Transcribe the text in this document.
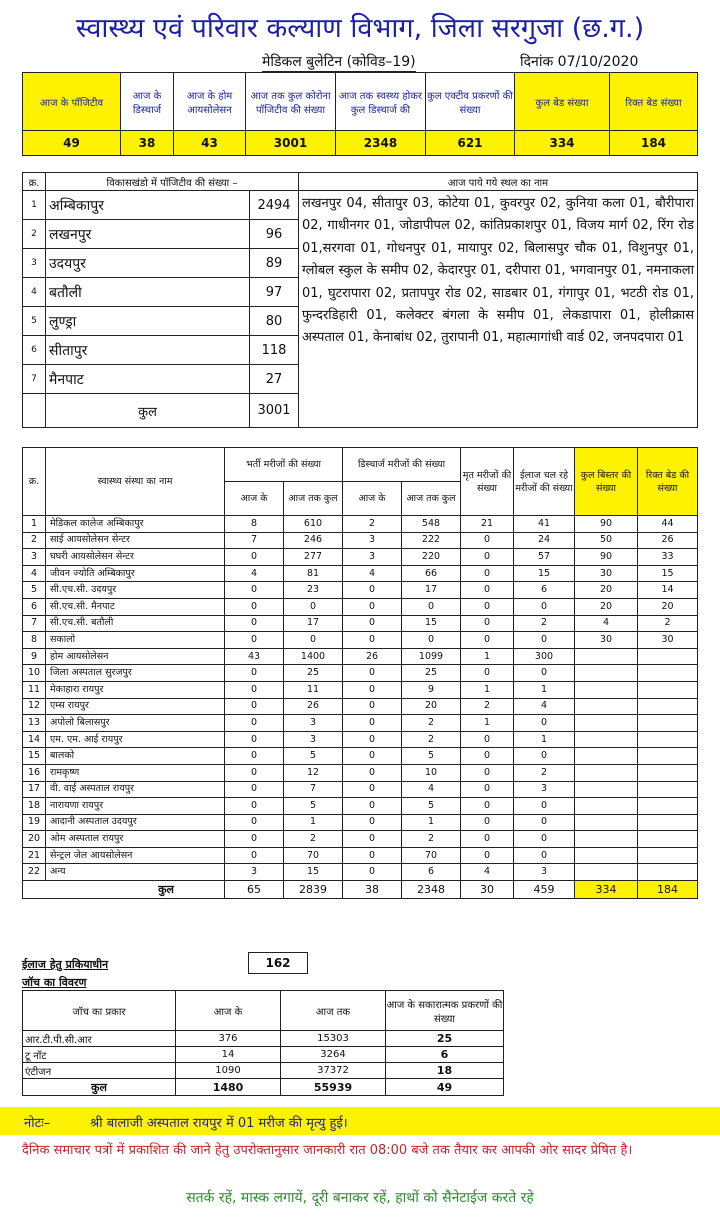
स्वास्थ्य एवं परिवार कल्याण विभाग, जिला सरगुजा (छ.ग.)
मेडिकल बुलेटिन (कोविड–19)	दिनांक 07/10/2020
आज के पॉजिटीव	आज के डिस्चार्ज	आज के होम आयसोलेसन	आज तक कुल कोरोना पॉजिटीव की संख्या	आज तक स्वस्थ्य होकर कुल डिस्चार्ज की	कुल एक्टीव प्रकरणों की संख्या	कुल बेड संख्या	रिक्त बेड संख्या
49	38	43	3001	2348	621	334	184
क्र.	विकासखंडो में पॉजिटीव की संख्या –		आज पाये गये स्थल का नाम
1	अम्बिकापुर	2494	लखनपुर 04, सीतापुर 03, कोटेया 01, कुवरपुर 02, कुनिया कला 01, बौरीपारा 02, गाधीनगर 01, जोडापीपल 02, कांतिप्रकाशपुर 01, विजय मार्ग 02, रिंग रोड 01,सरगवा 01, गोधनपुर 01, मायापुर 02, बिलासपुर चौक 01, विशुनपुर 01, ग्लोबल स्कुल के समीप 02, केदारपुर 01, दरीपारा 01, भगवानपुर 01, नमनाकला 01, घुटरापारा 02, प्रतापपुर रोड 02, साडबार 01, गंगापुर 01, भटठी रोड 01, फुन्दरडिहारी 01, कलेक्टर बंगला के समीप 01, लेकडापारा 01, होलीक्रास अस्पताल 01, केनाबांध 02, तुरापानी 01, महात्मागांधी वार्ड 02, जनपदपारा 01
2	लखनपुर	96	
3	उदयपुर	89	
4	बतौली	97	
5	लुण्ड्रा	80	
6	सीतापुर	118	
7	मैनपाट	27	
	कुल	3001	
क्र.	स्वास्थ्य संस्था का नाम	भर्ती मरीजों की संख्या		डिस्चार्ज मरीजों की संख्या		मृत मरीजों की संख्या	ईलाज चल रहे मरीजों की संख्या	कुल बिस्तर की संख्या	रिक्त बेड की संख्या
		आज के	आज तक कुल	आज के	आज तक कुल				
1	मेडिकल कालेज अम्बिकापुर	8	610	2	548	21	41	90	44
2	साई आयसोलेसन सेन्टर	7	246	3	222	0	24	50	26
3	घघरी आयसोलेसन सेन्टर	0	277	3	220	0	57	90	33
4	जीवन ज्योति अम्बिकापुर	4	81	4	66	0	15	30	15
5	सी.एच.सी. उदयपुर	0	23	0	17	0	6	20	14
6	सी.एच.सी. मैनपाट	0	0	0	0	0	0	20	20
7	सी.एच.सी. बतौली	0	17	0	15	0	2	4	2
8	सकालो	0	0	0	0	0	0	30	30
9	होम आयसोलेसन	43	1400	26	1099	1	300		
10	जिला अस्पताल सुरजपुर	0	25	0	25	0	0		
11	मेकाहारा रायपुर	0	11	0	9	1	1		
12	एम्स रायपुर	0	26	0	20	2	4		
13	अपोलो बिलासपुर	0	3	0	2	1	0		
14	एम. एम. आई रायपुर	0	3	0	2	0	1		
15	बालको	0	5	0	5	0	0		
16	रामकृष्ण	0	12	0	10	0	2		
17	वी. वाई अस्पताल रायपुर	0	7	0	4	0	3		
18	नारायणा रायपुर	0	5	0	5	0	0		
19	आदानी अस्पताल उदयपुर	0	1	0	1	0	0		
20	ओम अस्पताल रायपुर	0	2	0	2	0	0		
21	सेन्ट्रल जेल आयसोलेसन	0	70	0	70	0	0		
22	अन्य	3	15	0	6	4	3		
कुल		65	2839	38	2348	30	459	334	184
ईलाज हेतु प्रकियाधीन	162
जॉच का विवरण
जॉच का प्रकार	आज के	आज तक	आज के सकारात्मक प्रकरणों की संख्या
आर.टी.पी.सी.आर	376	15303	25
टू नॉट	14	3264	6
एंटीजन	1090	37372	18
कुल	1480	55939	49
नोटः–	श्री बालाजी अस्पताल रायपुर में 01 मरीज की मृत्यु हुई।
दैनिक समाचार पत्रों में प्रकाशित की जाने हेतु उपरोक्तानुसार जानकारी रात 08:00 बजे तक तैयार कर आपकी ओर सादर प्रेषित है।
सतर्क रहें, मास्क लगायें, दूरी बनाकर रहें, हाथों को सैनेटाईज करते रहे
